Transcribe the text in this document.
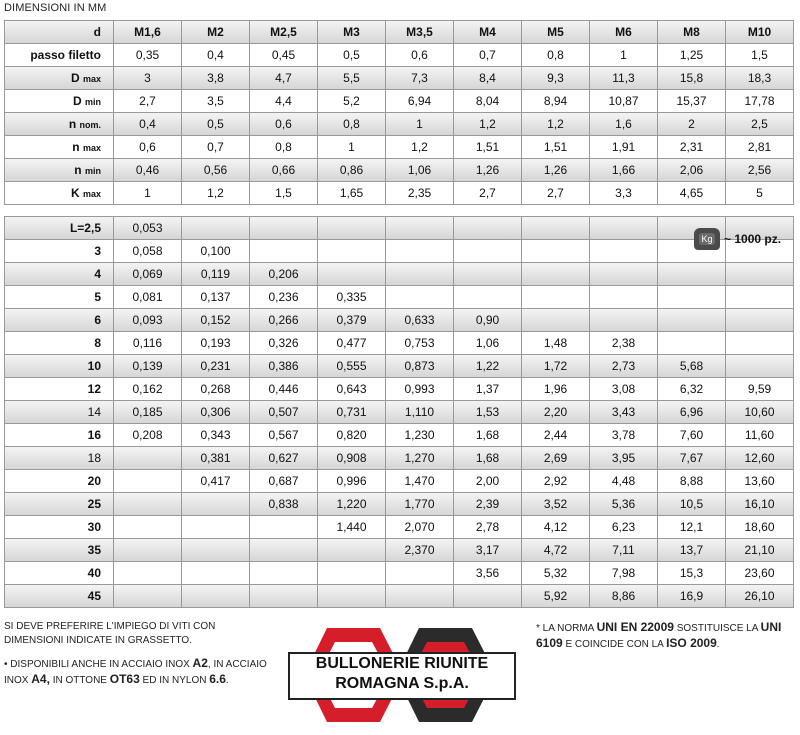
DIMENSIONI IN MM
d	M1,6	M2	M2,5	M3	M3,5	M4	M5	M6	M8	M10
passo filetto	0,35	0,4	0,45	0,5	0,6	0,7	0,8	1	1,25	1,5
D max	3	3,8	4,7	5,5	7,3	8,4	9,3	11,3	15,8	18,3
D min	2,7	3,5	4,4	5,2	6,94	8,04	8,94	10,87	15,37	17,78
n nom.	0,4	0,5	0,6	0,8	1	1,2	1,2	1,6	2	2,5
n max	0,6	0,7	0,8	1	1,2	1,51	1,51	1,91	2,31	2,81
n min	0,46	0,56	0,66	0,86	1,06	1,26	1,26	1,66	2,06	2,56
K max	1	1,2	1,5	1,65	2,35	2,7	2,7	3,3	4,65	5
L=2,5	0,053									
3	0,058	0,100								
4	0,069	0,119	0,206							
5	0,081	0,137	0,236	0,335						
6	0,093	0,152	0,266	0,379	0,633	0,90				
8	0,116	0,193	0,326	0,477	0,753	1,06	1,48	2,38		
10	0,139	0,231	0,386	0,555	0,873	1,22	1,72	2,73	5,68	
12	0,162	0,268	0,446	0,643	0,993	1,37	1,96	3,08	6,32	9,59
14	0,185	0,306	0,507	0,731	1,110	1,53	2,20	3,43	6,96	10,60
16	0,208	0,343	0,567	0,820	1,230	1,68	2,44	3,78	7,60	11,60
18		0,381	0,627	0,908	1,270	1,68	2,69	3,95	7,67	12,60
20		0,417	0,687	0,996	1,470	2,00	2,92	4,48	8,88	13,60
25			0,838	1,220	1,770	2,39	3,52	5,36	10,5	16,10
30				1,440	2,070	2,78	4,12	6,23	12,1	18,60
35					2,370	3,17	4,72	7,11	13,7	21,10
40						3,56	5,32	7,98	15,3	23,60
45							5,92	8,86	16,9	26,10
Kg ~ 1000 pz.

SI DEVE PREFERIRE L'IMPIEGO DI VITI CON DIMENSIONI INDICATE IN GRASSETTO.

• DISPONIBILI ANCHE IN ACCIAIO INOX A2, IN ACCIAIO INOX A4, IN OTTONE OT63 ED IN NYLON 6.6.

BULLONERIE RIUNITE
ROMAGNA S.p.A.
* LA NORMA UNI EN 22009 SOSTITUISCE LA UNI 6109 E COINCIDE CON LA ISO 2009.
